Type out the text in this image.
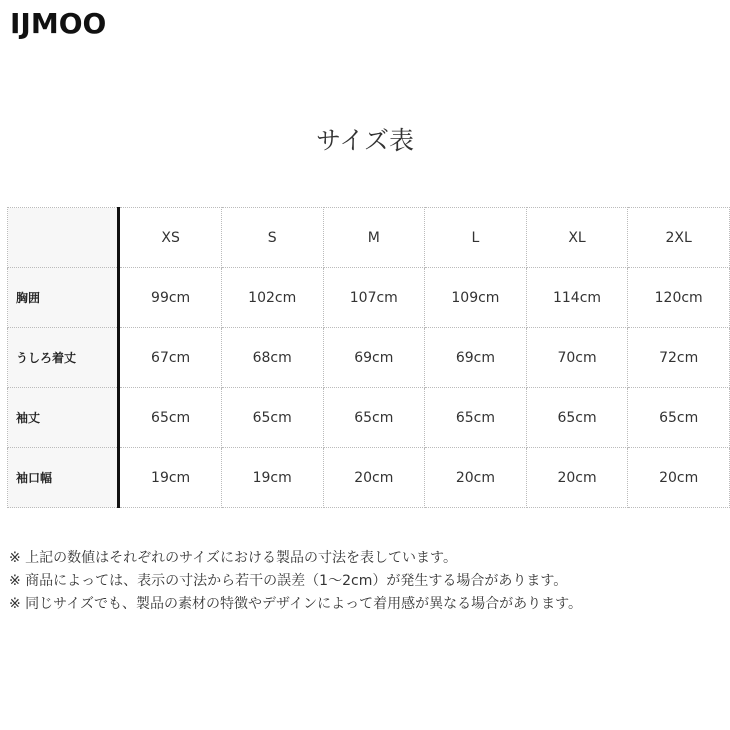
IJMOO
サイズ表
	XS	S	M	L	XL	2XL
胸囲	99cm	102cm	107cm	109cm	114cm	120cm
うしろ着丈	67cm	68cm	69cm	69cm	70cm	72cm
袖丈	65cm	65cm	65cm	65cm	65cm	65cm
袖口幅	19cm	19cm	20cm	20cm	20cm	20cm
※ 上記の数値はそれぞれのサイズにおける製品の寸法を表しています。
※ 商品によっては、表示の寸法から若干の誤差（1〜2cm）が発生する場合があります。
※ 同じサイズでも、製品の素材の特徴やデザインによって着用感が異なる場合があります。
